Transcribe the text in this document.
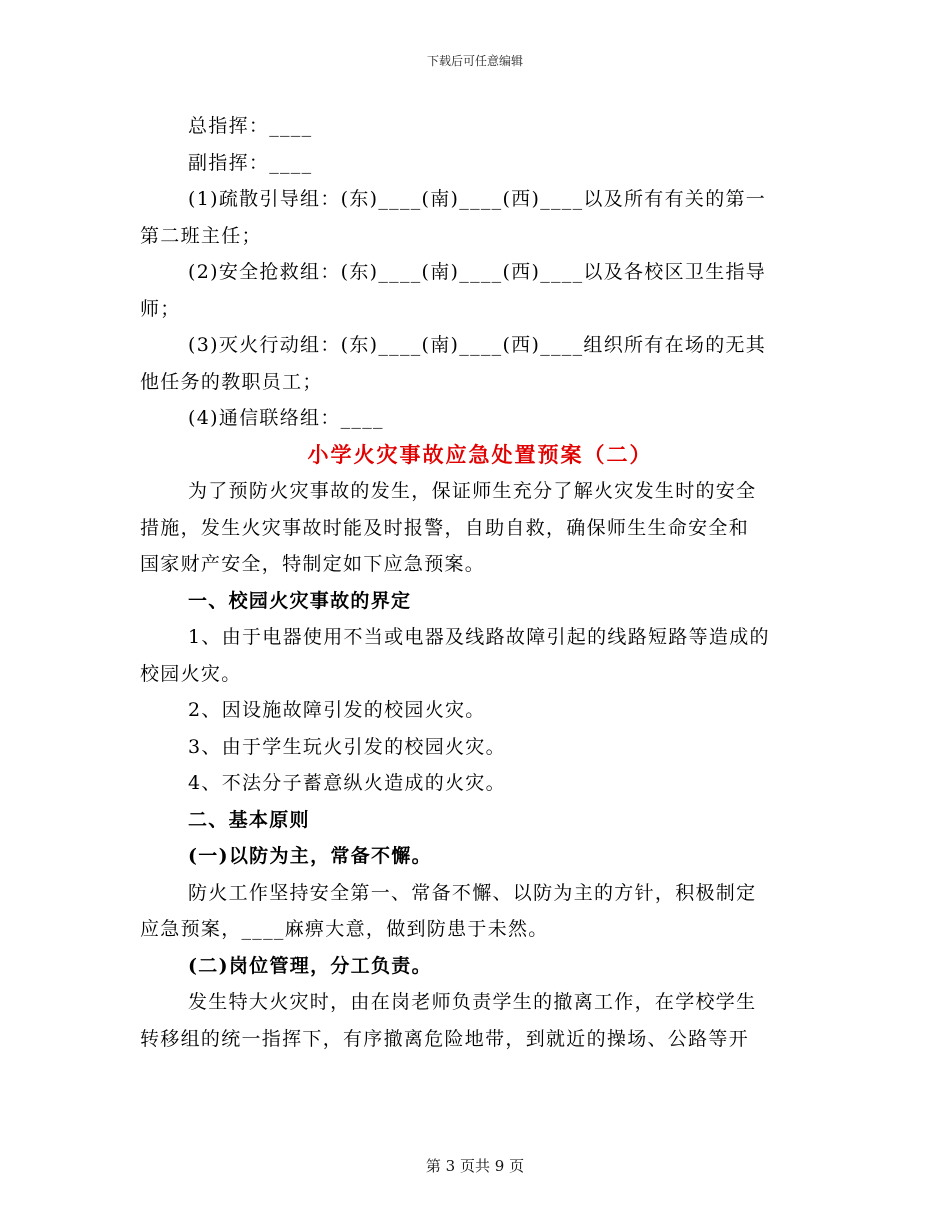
下载后可任意编辑
总指挥：____
副指挥：____
(1)疏散引导组：(东)____(南)____(西)____以及所有有关的第一
第二班主任；
(2)安全抢救组：(东)____(南)____(西)____以及各校区卫生指导
师；
(3)灭火行动组：(东)____(南)____(西)____组织所有在场的无其
他任务的教职员工；
(4)通信联络组：____
小学火灾事故应急处置预案（二）
为了预防火灾事故的发生，保证师生充分了解火灾发生时的安全
措施，发生火灾事故时能及时报警，自助自救，确保师生生命安全和
国家财产安全，特制定如下应急预案。
一、校园火灾事故的界定
1、由于电器使用不当或电器及线路故障引起的线路短路等造成的
校园火灾。
2、因设施故障引发的校园火灾。
3、由于学生玩火引发的校园火灾。
4、不法分子蓄意纵火造成的火灾。
二、基本原则
(一)以防为主，常备不懈。
防火工作坚持安全第一、常备不懈、以防为主的方针，积极制定
应急预案，____麻痹大意，做到防患于未然。
(二)岗位管理，分工负责。
发生特大火灾时，由在岗老师负责学生的撤离工作，在学校学生
转移组的统一指挥下，有序撤离危险地带，到就近的操场、公路等开
第 3 页共 9 页
